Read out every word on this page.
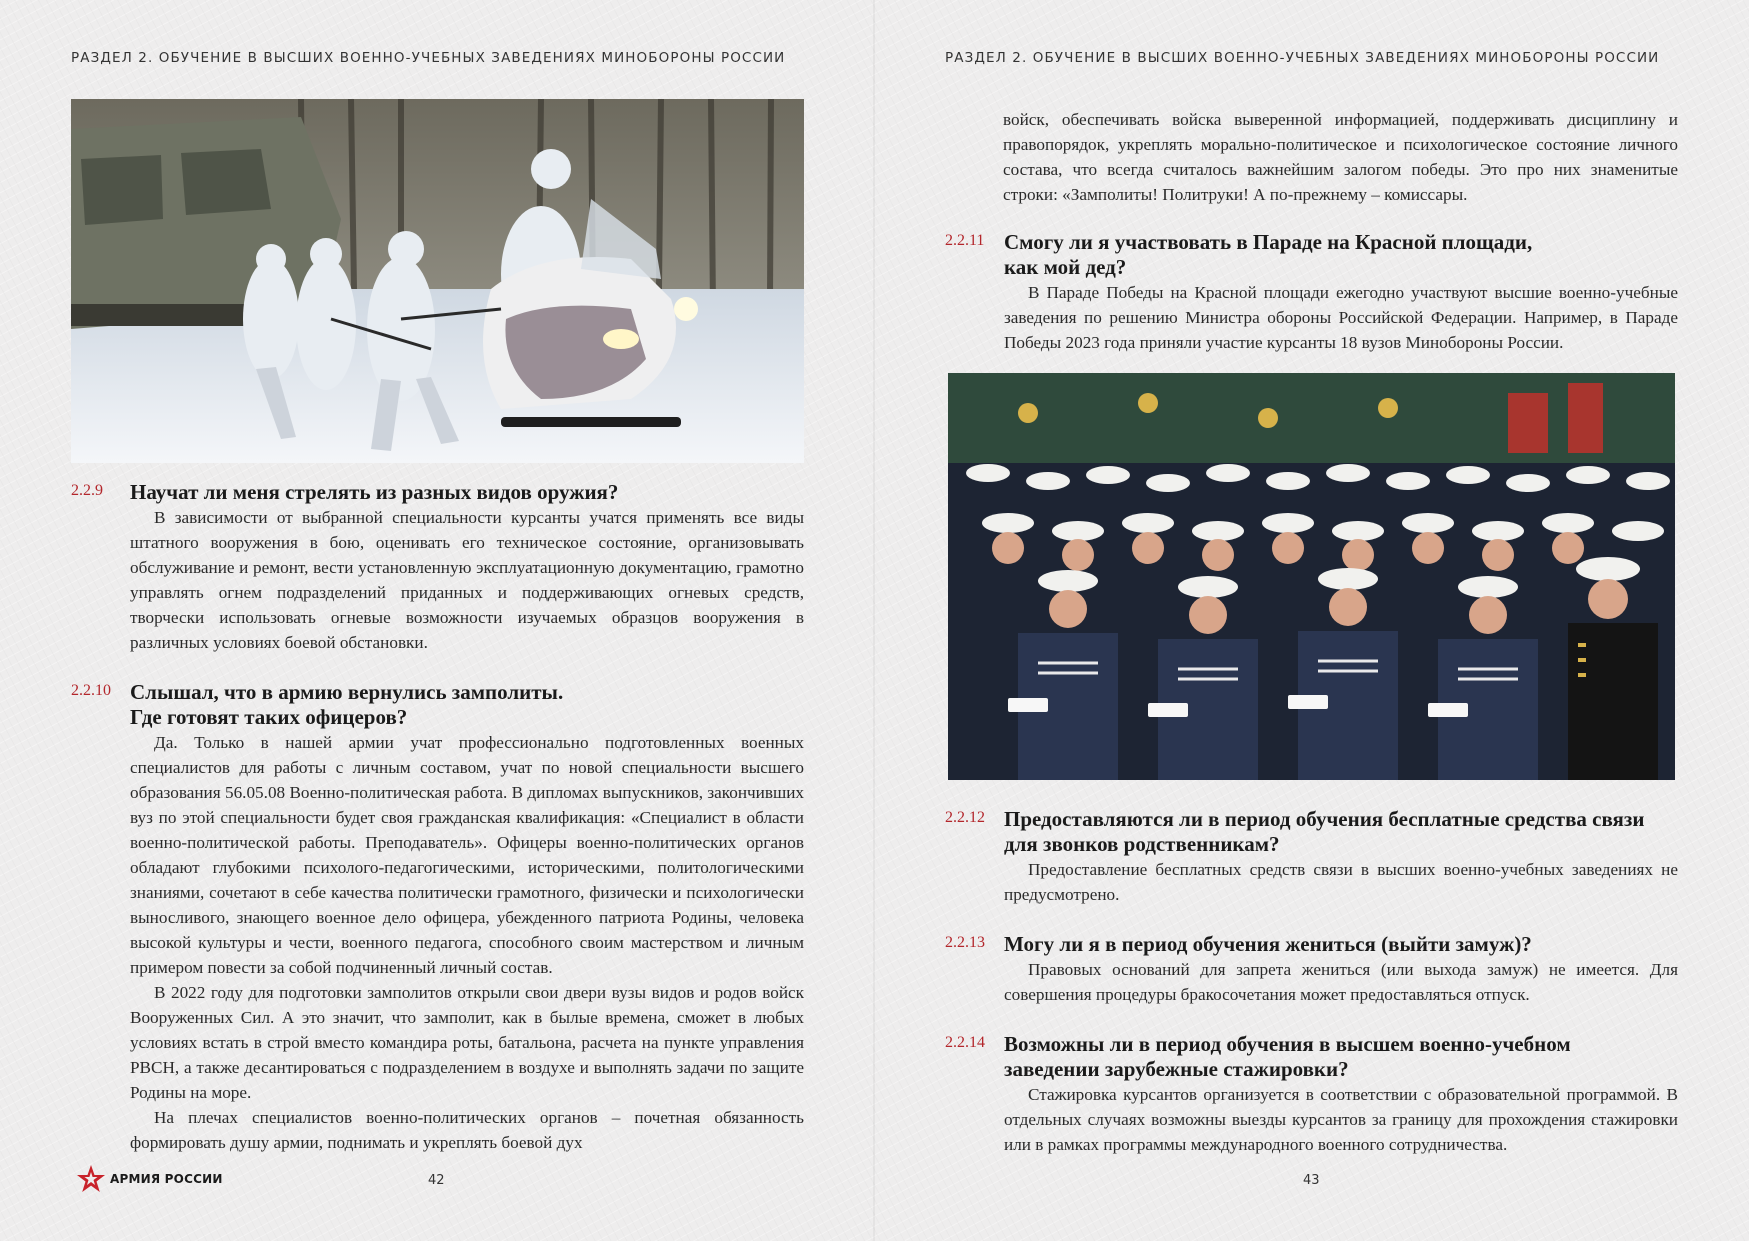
РАЗДЕЛ 2. ОБУЧЕНИЕ В ВЫСШИХ ВОЕННО-УЧЕБНЫХ ЗАВЕДЕНИЯХ МИНОБОРОНЫ РОССИИ
2.2.9 Научат ли меня стрелять из разных видов оружия?

В зависимости от выбранной специальности курсанты учатся применять все виды штатного вооружения в бою, оценивать его техническое состояние, организовывать обслуживание и ремонт, вести установленную эксплуатационную документацию, грамотно управлять огнем подразделений приданных и поддерживающих огневых средств, творчески использовать огневые возможности изучаемых образцов вооружения в различных условиях боевой обстановки.

2.2.10 Слышал, что в армию вернулись замполиты. Где готовят таких офицеров?

Да. Только в нашей армии учат профессионально подготовленных военных специалистов для работы с личным составом, учат по новой специальности высшего образования 56.05.08 Военно-политическая работа. В дипломах выпускников, закончивших вуз по этой специальности будет своя гражданская квалификация: «Специалист в области военно-политической работы. Преподаватель». Офицеры военно-политических органов обладают глубокими психолого-педагогическими, историческими, политологическими знаниями, сочетают в себе качества политически грамотного, физически и психологически выносливого, знающего военное дело офицера, убежденного патриота Родины, человека высокой культуры и чести, военного педагога, способного своим мастерством и личным примером повести за собой подчиненный личный состав.

В 2022 году для подготовки замполитов открыли свои двери вузы видов и родов войск Вооруженных Сил. А это значит, что замполит, как в былые времена, сможет в любых условиях встать в строй вместо командира роты, батальона, расчета на пункте управления РВСН, а также десантироваться с подразделением в воздухе и выполнять задачи по защите Родины на море.

На плечах специалистов военно-политических органов – почетная обязанность формировать душу армии, поднимать и укреплять боевой дух

АРМИЯ РОССИИ	42
РАЗДЕЛ 2. ОБУЧЕНИЕ В ВЫСШИХ ВОЕННО-УЧЕБНЫХ ЗАВЕДЕНИЯХ МИНОБОРОНЫ РОССИИ

войск, обеспечивать войска выверенной информацией, поддерживать дисциплину и правопорядок, укреплять морально-политическое и психологическое состояние личного состава, что всегда считалось важнейшим залогом победы. Это про них знаменитые строки: «Замполиты! Политруки! А по-прежнему – комиссары.

2.2.11 Смогу ли я участвовать в Параде на Красной площади, как мой дед?

В Параде Победы на Красной площади ежегодно участвуют высшие военно-учебные заведения по решению Министра обороны Российской Федерации. Например, в Параде Победы 2023 года приняли участие курсанты 18 вузов Минобороны России.

2.2.12 Предоставляются ли в период обучения бесплатные средства связи для звонков родственникам?

Предоставление бесплатных средств связи в высших военно-учебных заведениях не предусмотрено.

2.2.13 Могу ли я в период обучения жениться (выйти замуж)?

Правовых оснований для запрета жениться (или выхода замуж) не имеется. Для совершения процедуры бракосочетания может предоставляться отпуск.

2.2.14 Возможны ли в период обучения в высшем военно-учебном заведении зарубежные стажировки?

Стажировка курсантов организуется в соответствии с образовательной программой. В отдельных случаях возможны выезды курсантов за границу для прохождения стажировки или в рамках программы международного военного сотрудничества.

43
